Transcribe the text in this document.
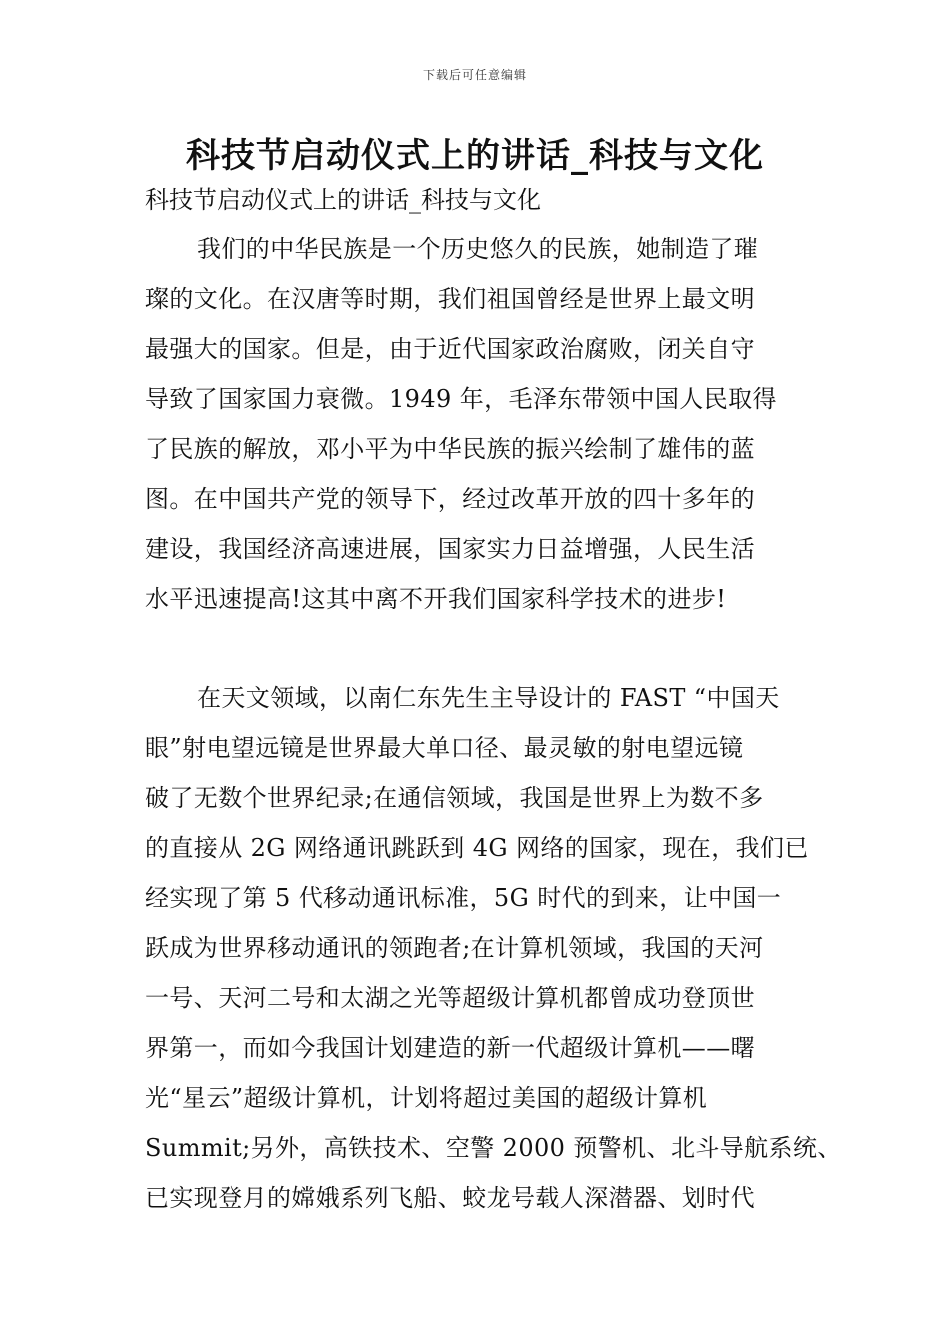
下载后可任意编辑
科技节启动仪式上的讲话_科技与文化
科技节启动仪式上的讲话_科技与文化
我们的中华民族是一个历史悠久的民族，她制造了璀
璨的文化。在汉唐等时期，我们祖国曾经是世界上最文明
最强大的国家。但是，由于近代国家政治腐败，闭关自守
导致了国家国力衰微。1949 年，毛泽东带领中国人民取得
了民族的解放，邓小平为中华民族的振兴绘制了雄伟的蓝
图。在中国共产党的领导下，经过改革开放的四十多年的
建设，我国经济高速进展，国家实力日益增强，人民生活
水平迅速提高!这其中离不开我们国家科学技术的进步!
在天文领域，以南仁东先生主导设计的 FAST “中国天
眼”射电望远镜是世界最大单口径、最灵敏的射电望远镜
破了无数个世界纪录;在通信领域，我国是世界上为数不多
的直接从 2G 网络通讯跳跃到 4G 网络的国家，现在，我们已
经实现了第 5 代移动通讯标准，5G 时代的到来，让中国一
跃成为世界移动通讯的领跑者;在计算机领域，我国的天河
一号、天河二号和太湖之光等超级计算机都曾成功登顶世
界第一，而如今我国计划建造的新一代超级计算机——曙
光“星云”超级计算机，计划将超过美国的超级计算机
Summit;另外，高铁技术、空警 2000 预警机、北斗导航系统、
已实现登月的嫦娥系列飞船、蛟龙号载人深潜器、划时代
